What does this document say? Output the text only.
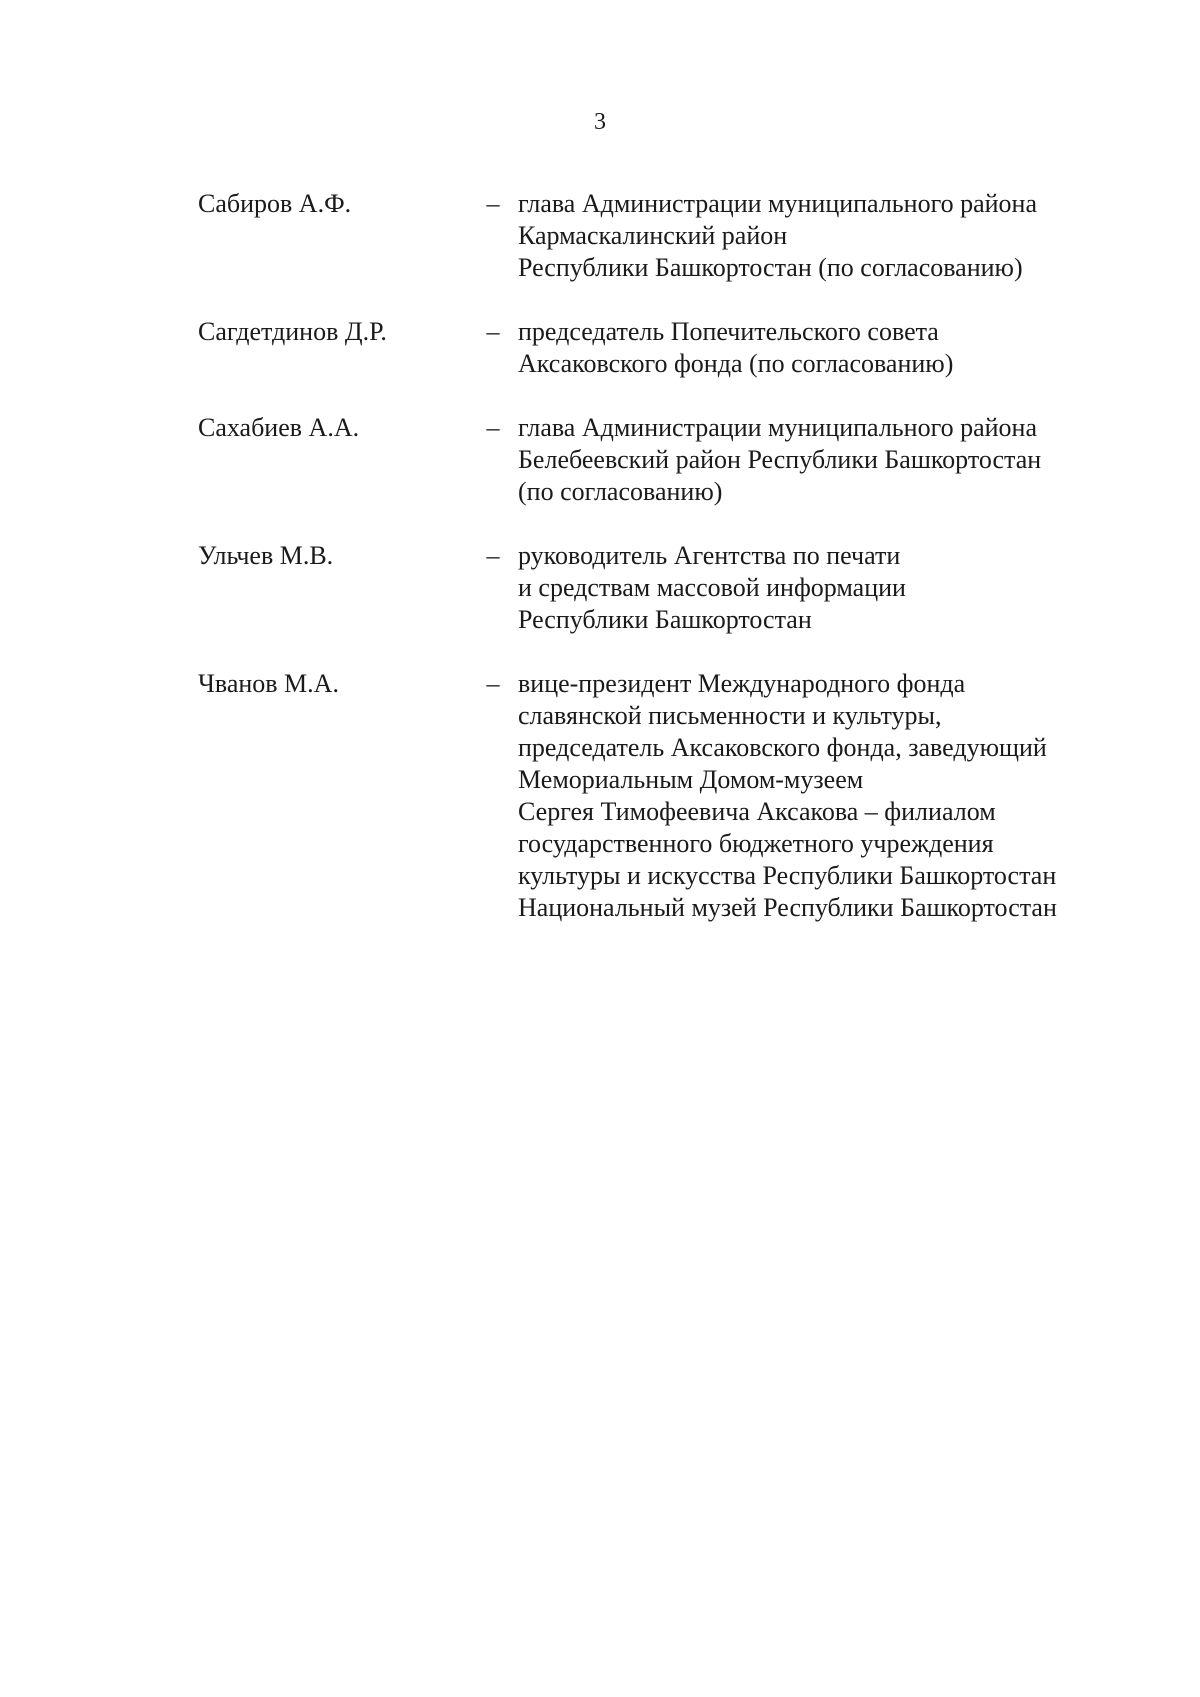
3
Сабиров А.Ф.	– глава Администрации муниципального района
Кармаскалинский район
Республики Башкортостан (по согласованию)
Сагдетдинов Д.Р.	– председатель Попечительского совета
Аксаковского фонда (по согласованию)
Сахабиев А.А.	– глава Администрации муниципального района
Белебеевский район Республики Башкортостан
(по согласованию)
Ульчев М.В.	– руководитель Агентства по печати
и средствам массовой информации
Республики Башкортостан
Чванов М.А.	– вице-президент Международного фонда
славянской письменности и культуры,
председатель Аксаковского фонда, заведующий
Мемориальным Домом-музеем
Сергея Тимофеевича Аксакова – филиалом
государственного бюджетного учреждения
культуры и искусства Республики Башкортостан
Национальный музей Республики Башкортостан
